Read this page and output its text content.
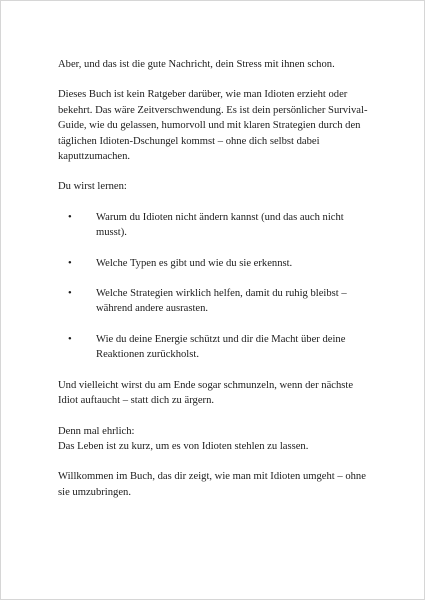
Aber, und das ist die gute Nachricht, dein Stress mit ihnen schon.

Dieses Buch ist kein Ratgeber darüber, wie man Idioten erzieht oder bekehrt. Das wäre Zeitverschwendung. Es ist dein persönlicher Survival-Guide, wie du gelassen, humorvoll und mit klaren Strategien durch den täglichen Idioten-Dschungel kommst – ohne dich selbst dabei kaputtzumachen.

Du wirst lernen:

• Warum du Idioten nicht ändern kannst (und das auch nicht musst).
• Welche Typen es gibt und wie du sie erkennst.
• Welche Strategien wirklich helfen, damit du ruhig bleibst – während andere ausrasten.
• Wie du deine Energie schützt und dir die Macht über deine Reaktionen zurückholst.

Und vielleicht wirst du am Ende sogar schmunzeln, wenn der nächste Idiot auftaucht – statt dich zu ärgern.

Denn mal ehrlich:
Das Leben ist zu kurz, um es von Idioten stehlen zu lassen.

Willkommen im Buch, das dir zeigt, wie man mit Idioten umgeht – ohne sie umzubringen.
